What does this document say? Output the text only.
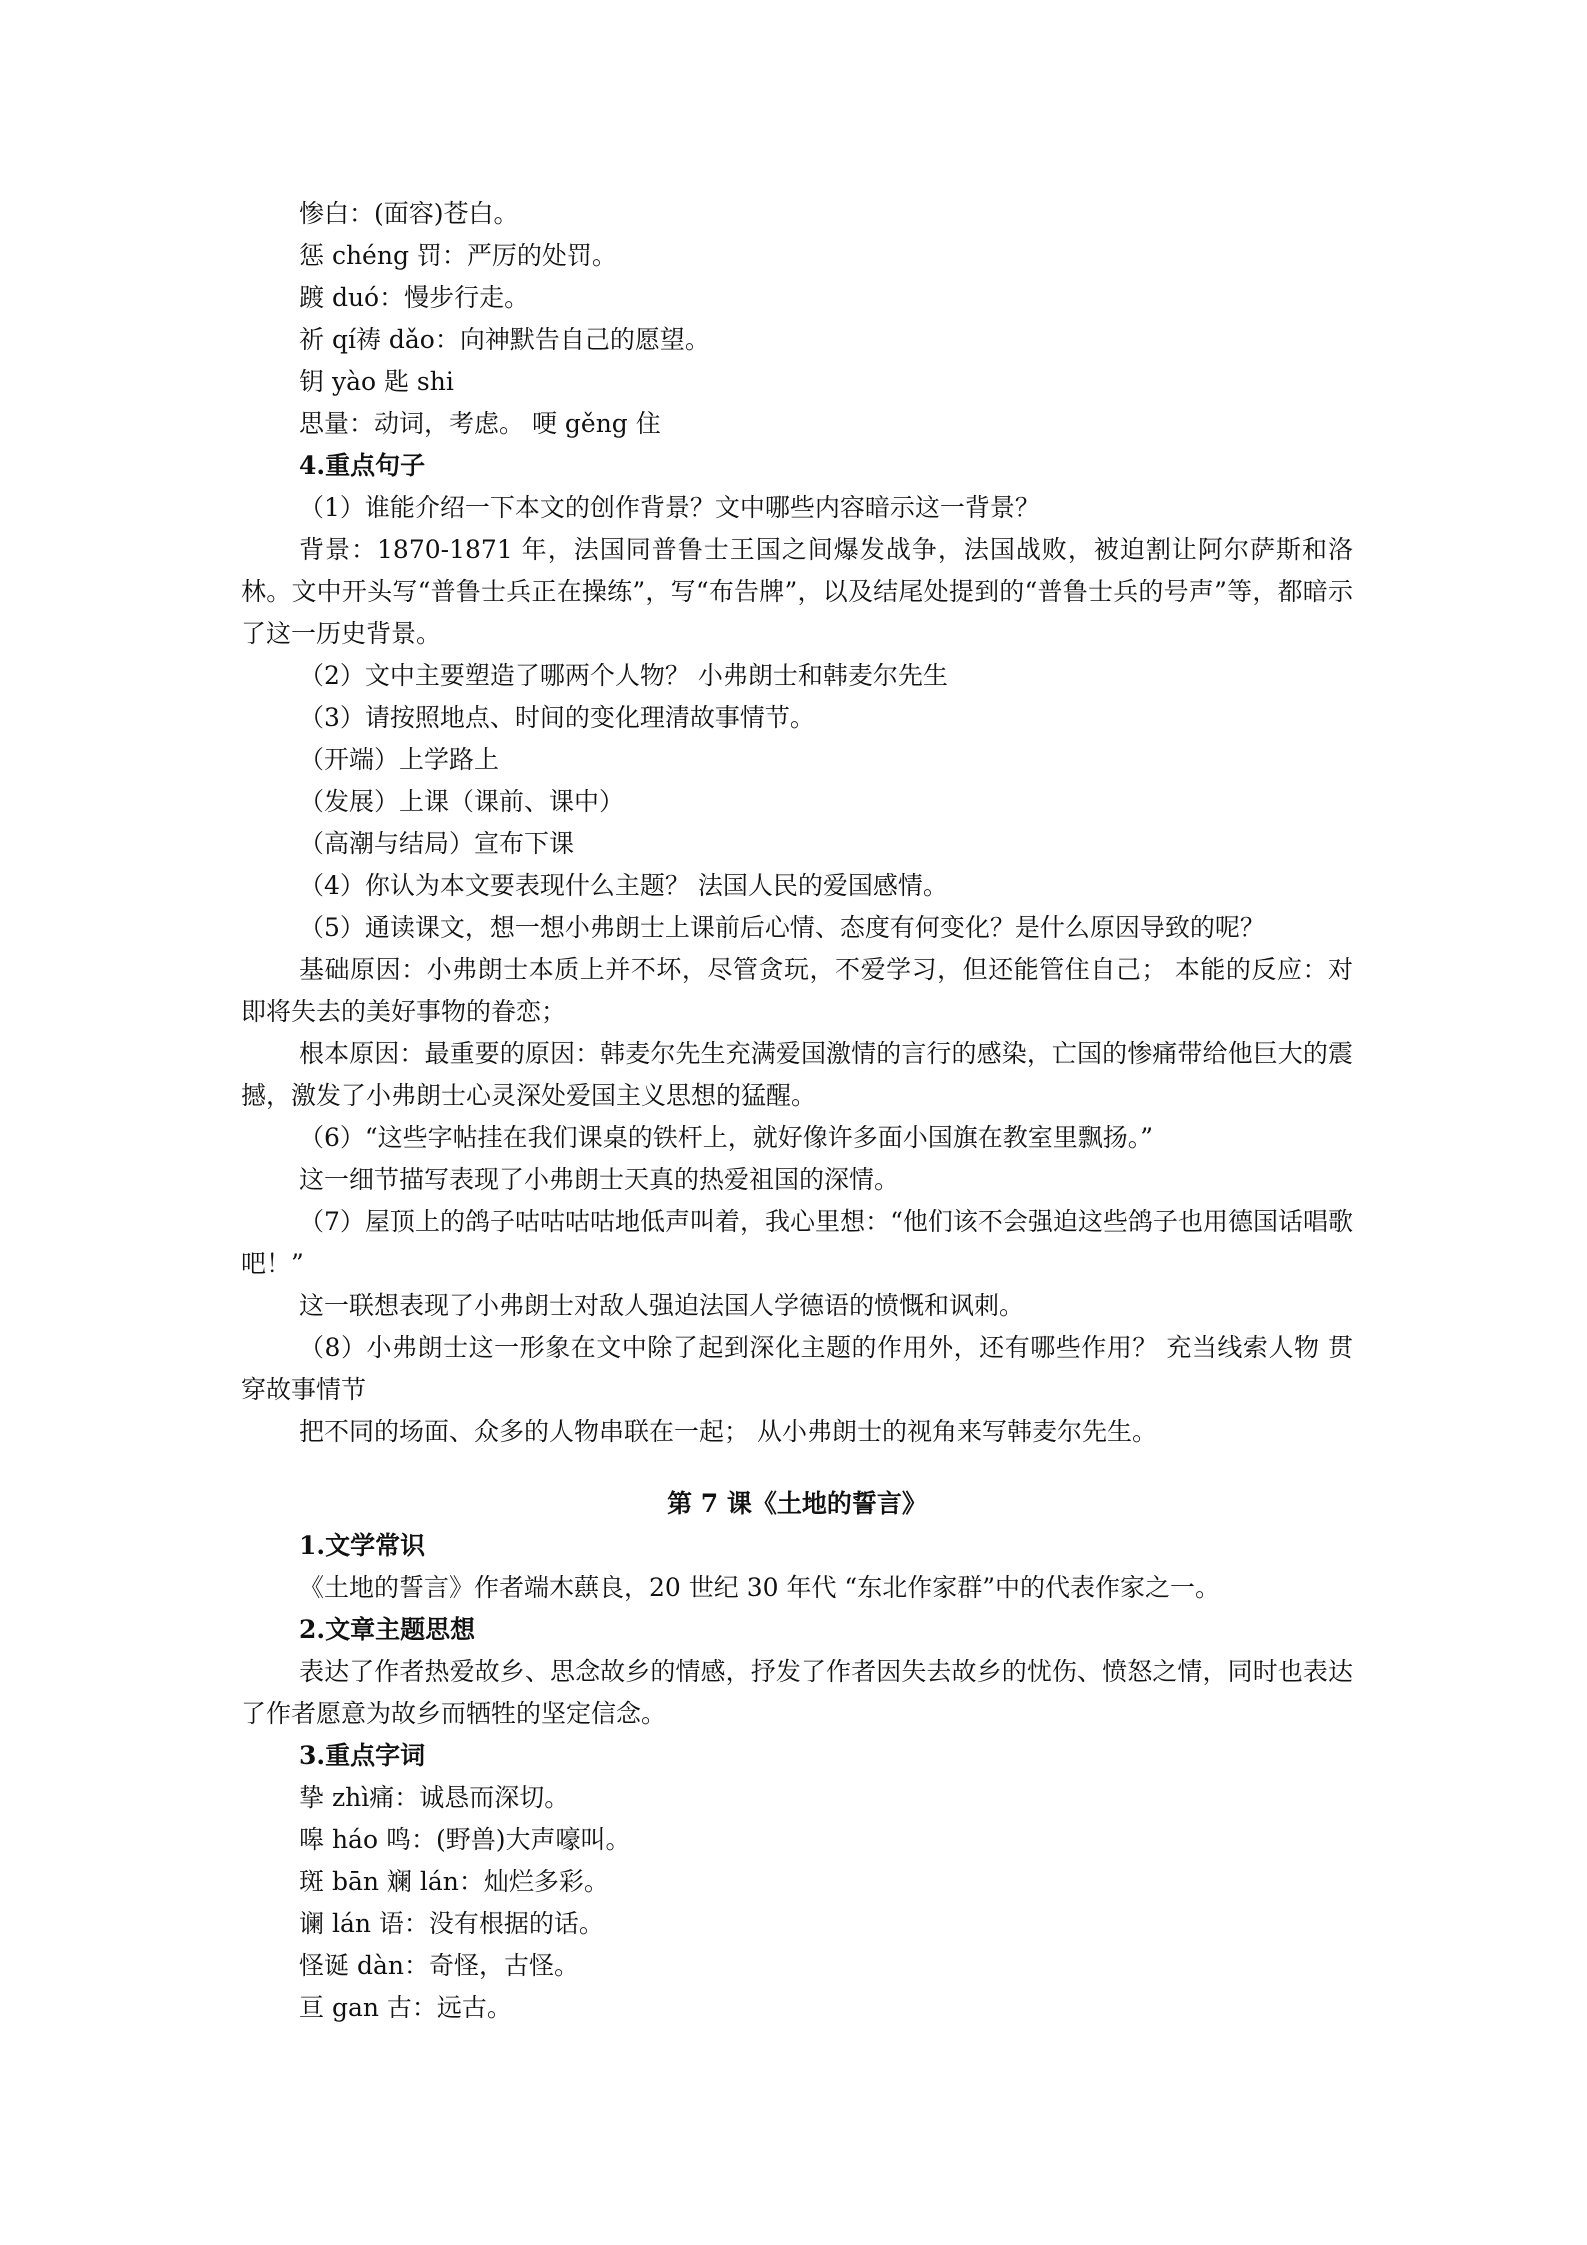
惨白：(面容)苍白。

惩 chéng 罚：严厉的处罚。

踱 duó：慢步行走。

祈 qí祷 dǎo：向神默告自己的愿望。

钥 yào 匙 shi

思量：动词，考虑。 哽 gěng 住

4.重点句子

（1）谁能介绍一下本文的创作背景？文中哪些内容暗示这一背景？

背景：1870-1871 年，法国同普鲁士王国之间爆发战争，法国战败，被迫割让阿尔萨斯和洛林。文中开头写“普鲁士兵正在操练”，写“布告牌”，以及结尾处提到的“普鲁士兵的号声”等，都暗示了这一历史背景。

（2）文中主要塑造了哪两个人物？ 小弗朗士和韩麦尔先生

（3）请按照地点、时间的变化理清故事情节。

（开端）上学路上

（发展）上课（课前、课中）

（高潮与结局）宣布下课

（4）你认为本文要表现什么主题？ 法国人民的爱国感情。

（5）通读课文，想一想小弗朗士上课前后心情、态度有何变化？是什么原因导致的呢？

基础原因：小弗朗士本质上并不坏，尽管贪玩，不爱学习，但还能管住自己； 本能的反应：对即将失去的美好事物的眷恋；

根本原因：最重要的原因：韩麦尔先生充满爱国激情的言行的感染，亡国的惨痛带给他巨大的震撼，激发了小弗朗士心灵深处爱国主义思想的猛醒。

（6）“这些字帖挂在我们课桌的铁杆上，就好像许多面小国旗在教室里飘扬。”

这一细节描写表现了小弗朗士天真的热爱祖国的深情。

（7）屋顶上的鸽子咕咕咕咕地低声叫着，我心里想：“他们该不会强迫这些鸽子也用德国话唱歌吧！”

这一联想表现了小弗朗士对敌人强迫法国人学德语的愤慨和讽刺。

（8）小弗朗士这一形象在文中除了起到深化主题的作用外，还有哪些作用？ 充当线索人物 贯穿故事情节

把不同的场面、众多的人物串联在一起； 从小弗朗士的视角来写韩麦尔先生。

第 7 课《土地的誓言》

1.文学常识

《土地的誓言》作者端木蕻良，20 世纪 30 年代 “东北作家群”中的代表作家之一。

2.文章主题思想

表达了作者热爱故乡、思念故乡的情感，抒发了作者因失去故乡的忧伤、愤怒之情，同时也表达了作者愿意为故乡而牺牲的坚定信念。

3.重点字词

挚 zhì痛：诚恳而深切。

嗥 háo 鸣：(野兽)大声嚎叫。

斑 bān 斓 lán：灿烂多彩。

谰 lán 语：没有根据的话。

怪诞 dàn：奇怪，古怪。

亘 gan 古：远古。
